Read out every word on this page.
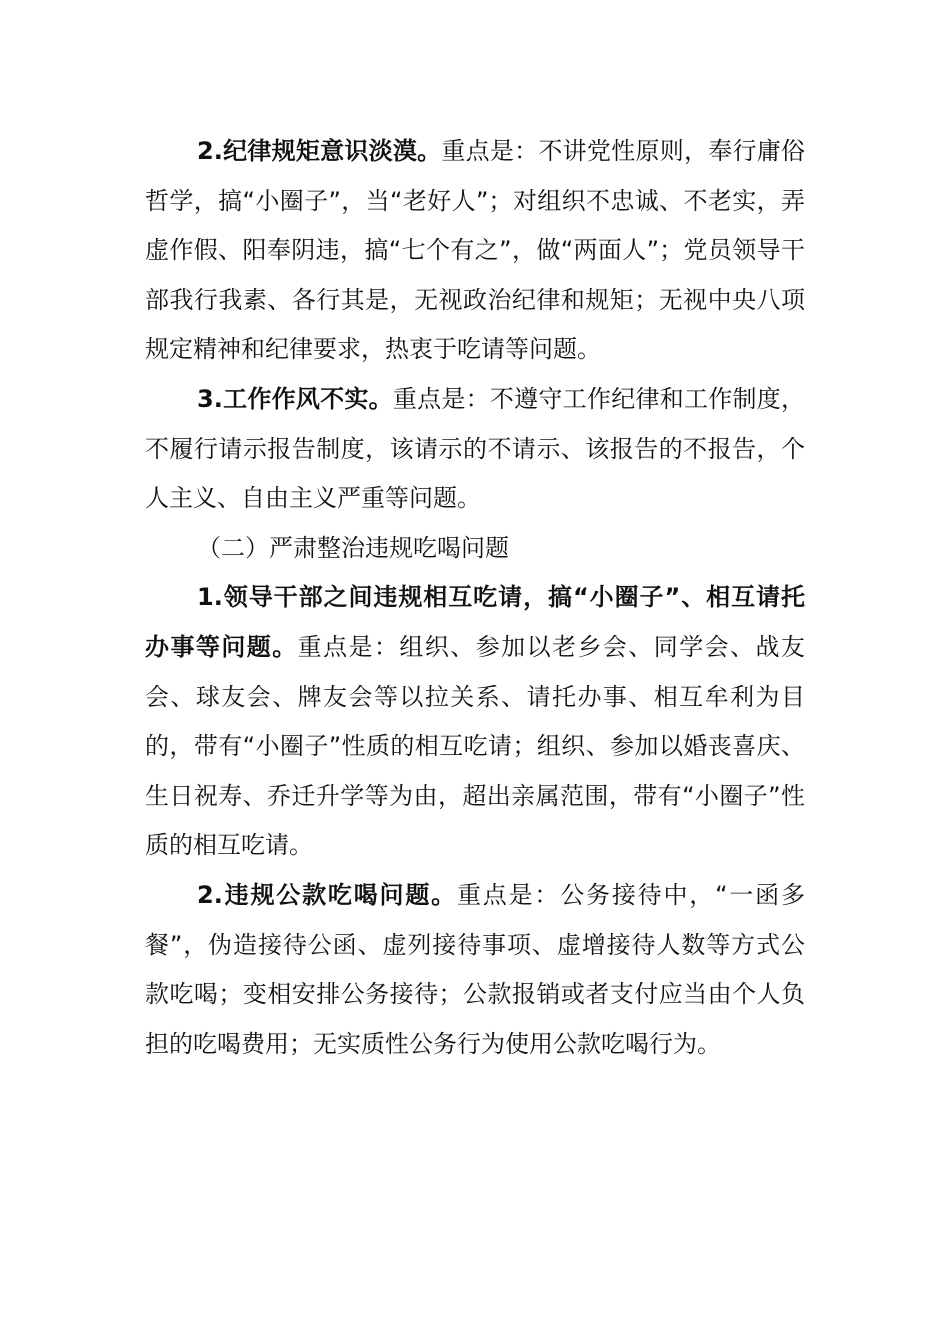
2.纪律规矩意识淡漠。重点是：不讲党性原则，奉行庸俗哲学，搞“小圈子”，当“老好人”；对组织不忠诚、不老实，弄虚作假、阳奉阴违，搞“七个有之”，做“两面人”；党员领导干部我行我素、各行其是，无视政治纪律和规矩；无视中央八项规定精神和纪律要求，热衷于吃请等问题。

3.工作作风不实。重点是：不遵守工作纪律和工作制度，不履行请示报告制度，该请示的不请示、该报告的不报告，个人主义、自由主义严重等问题。

（二）严肃整治违规吃喝问题

1.领导干部之间违规相互吃请，搞“小圈子”、相互请托办事等问题。重点是：组织、参加以老乡会、同学会、战友会、球友会、牌友会等以拉关系、请托办事、相互牟利为目的，带有“小圈子”性质的相互吃请；组织、参加以婚丧喜庆、生日祝寿、乔迁升学等为由，超出亲属范围，带有“小圈子”性质的相互吃请。

2.违规公款吃喝问题。重点是：公务接待中，“一函多餐”，伪造接待公函、虚列接待事项、虚增接待人数等方式公款吃喝；变相安排公务接待；公款报销或者支付应当由个人负担的吃喝费用；无实质性公务行为使用公款吃喝行为。
